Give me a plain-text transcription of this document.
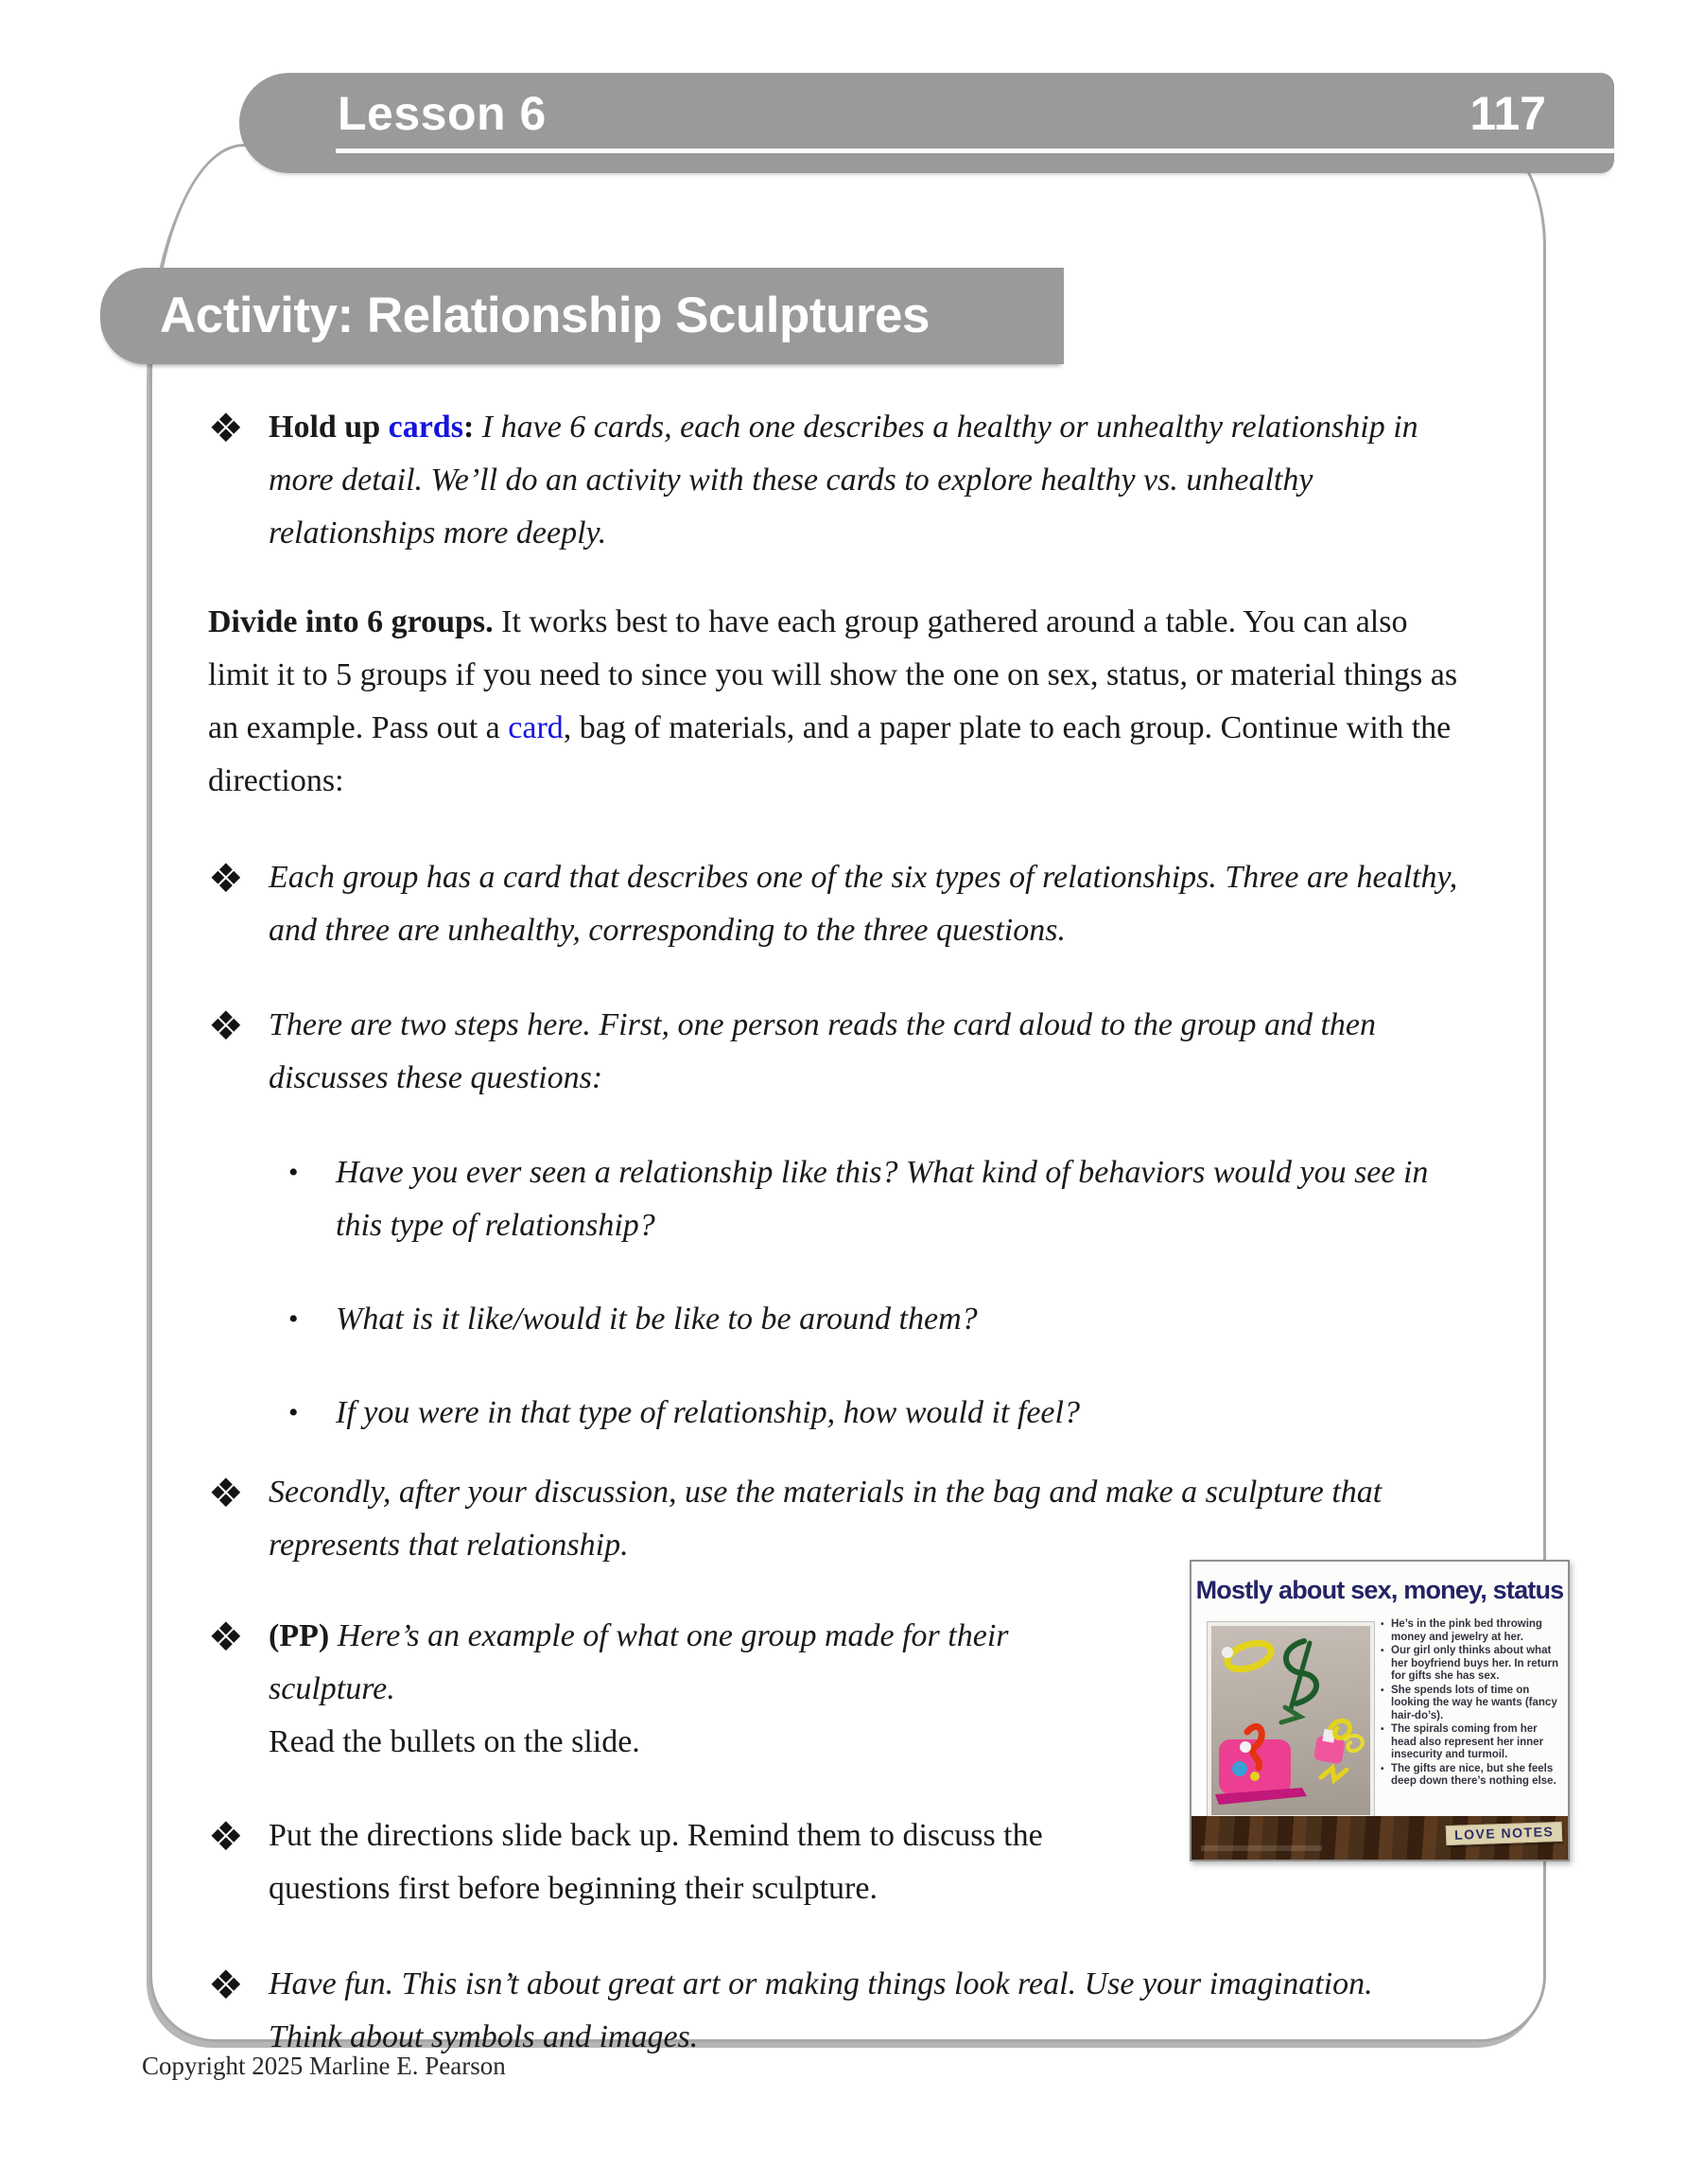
Lesson 6	117
Activity: Relationship Sculptures
❖ Hold up cards: I have 6 cards, each one describes a healthy or unhealthy relationship in more detail. We’ll do an activity with these cards to explore healthy vs. unhealthy relationships more deeply.
Divide into 6 groups. It works best to have each group gathered around a table. You can also limit it to 5 groups if you need to since you will show the one on sex, status, or material things as an example. Pass out a card, bag of materials, and a paper plate to each group. Continue with the directions:
❖ Each group has a card that describes one of the six types of relationships. Three are healthy, and three are unhealthy, corresponding to the three questions.
❖ There are two steps here. First, one person reads the card aloud to the group and then discusses these questions:
•	Have you ever seen a relationship like this? What kind of behaviors would you see in this type of relationship?
•	What is it like/would it be like to be around them?
•	If you were in that type of relationship, how would it feel?
❖ Secondly, after your discussion, use the materials in the bag and make a sculpture that represents that relationship.
❖ (PP) Here’s an example of what one group made for their sculpture.
Read the bullets on the slide.
❖ Put the directions slide back up. Remind them to discuss the questions first before beginning their sculpture.
❖ Have fun. This isn’t about great art or making things look real. Use your imagination. Think about symbols and images.
Mostly about sex, money, status
• He’s in the pink bed throwing money and jewelry at her.
• Our girl only thinks about what her boyfriend buys her. In return for gifts she has sex.
• She spends lots of time on looking the way he wants (fancy hair-do’s).
• The spirals coming from her head also represent her inner insecurity and turmoil.
• The gifts are nice, but she feels deep down there’s nothing else.
LOVE NOTES
Copyright 2025 Marline E. Pearson
